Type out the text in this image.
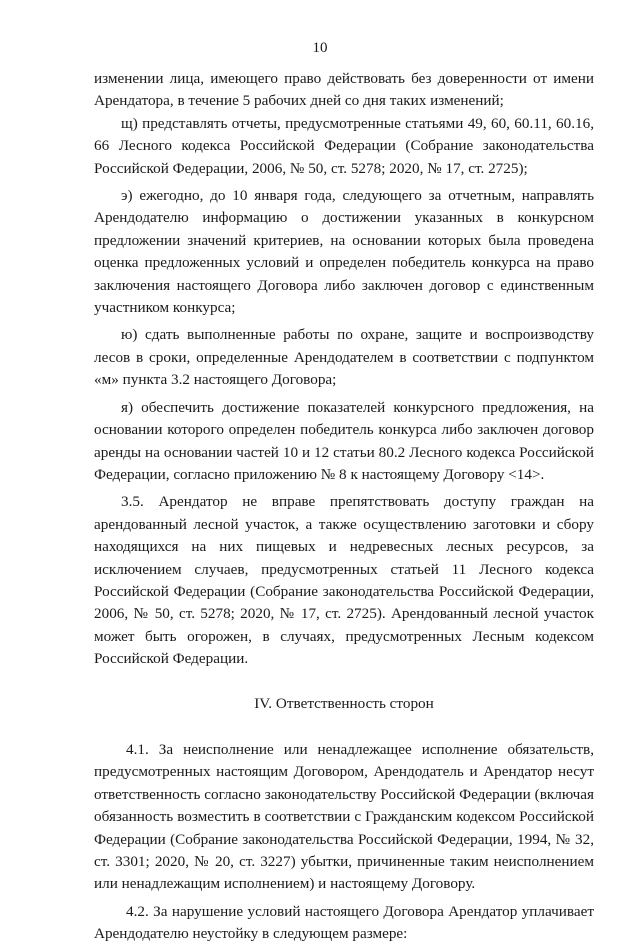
10

изменении лица, имеющего право действовать без доверенности от имени Арендатора, в течение 5 рабочих дней со дня таких изменений;

щ) представлять отчеты, предусмотренные статьями 49, 60, 60.11, 60.16, 66 Лесного кодекса Российской Федерации (Собрание законодательства Российской Федерации, 2006, № 50, ст. 5278; 2020, № 17, ст. 2725);

э) ежегодно, до 10 января года, следующего за отчетным, направлять Арендодателю информацию о достижении указанных в конкурсном предложении значений критериев, на основании которых была проведена оценка предложенных условий и определен победитель конкурса на право заключения настоящего Договора либо заключен договор с единственным участником конкурса;

ю) сдать выполненные работы по охране, защите и воспроизводству лесов в сроки, определенные Арендодателем в соответствии с подпунктом «м» пункта 3.2 настоящего Договора;

я) обеспечить достижение показателей конкурсного предложения, на основании которого определен победитель конкурса либо заключен договор аренды на основании частей 10 и 12 статьи 80.2 Лесного кодекса Российской Федерации, согласно приложению № 8 к настоящему Договору <14>.

3.5. Арендатор не вправе препятствовать доступу граждан на арендованный лесной участок, а также осуществлению заготовки и сбору находящихся на них пищевых и недревесных лесных ресурсов, за исключением случаев, предусмотренных статьей 11 Лесного кодекса Российской Федерации (Собрание законодательства Российской Федерации, 2006, № 50, ст. 5278; 2020, № 17, ст. 2725). Арендованный лесной участок может быть огорожен, в случаях, предусмотренных Лесным кодексом Российской Федерации.

IV. Ответственность сторон

4.1. За неисполнение или ненадлежащее исполнение обязательств, предусмотренных настоящим Договором, Арендодатель и Арендатор несут ответственность согласно законодательству Российской Федерации (включая обязанность возместить в соответствии с Гражданским кодексом Российской Федерации (Собрание законодательства Российской Федерации, 1994, № 32, ст. 3301; 2020, № 20, ст. 3227) убытки, причиненные таким неисполнением или ненадлежащим исполнением) и настоящему Договору.

4.2. За нарушение условий настоящего Договора Арендатор уплачивает Арендодателю неустойку в следующем размере:
